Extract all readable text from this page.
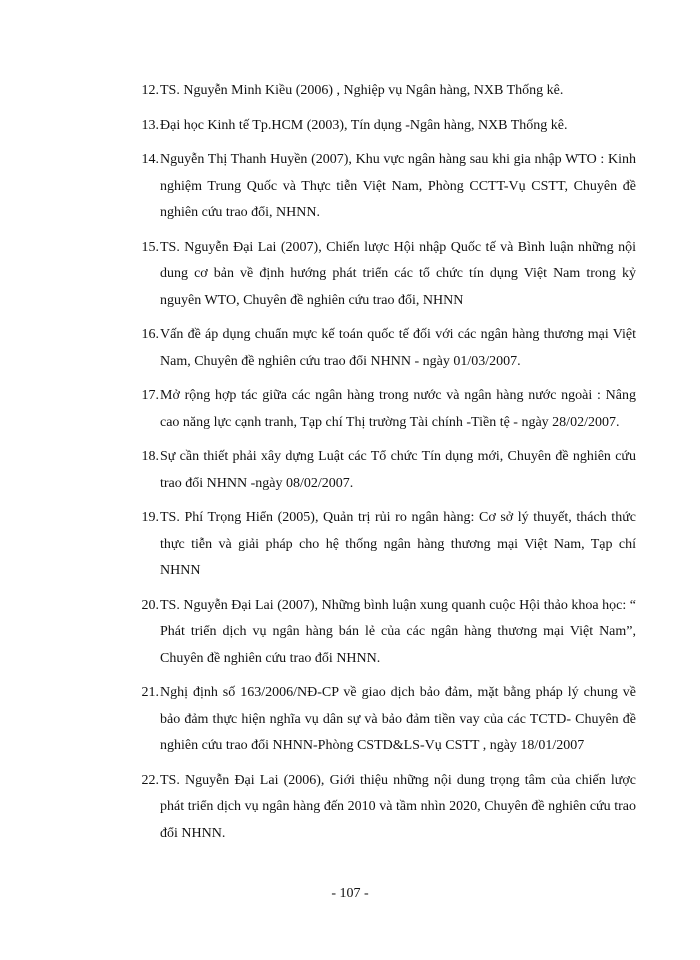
12. TS. Nguyễn Minh Kiều (2006) , Nghiệp vụ Ngân hàng, NXB Thống kê.
13. Đại học Kinh tế Tp.HCM (2003), Tín dụng -Ngân hàng, NXB Thống kê.
14. Nguyễn Thị Thanh Huyền (2007), Khu vực ngân hàng sau khi gia nhập WTO : Kinh nghiệm Trung Quốc và Thực tiễn Việt Nam, Phòng CCTT-Vụ CSTT, Chuyên đề nghiên cứu trao đổi, NHNN.
15. TS. Nguyễn Đại Lai (2007), Chiến lược Hội nhập Quốc tế và Bình luận những nội dung cơ bản về định hướng phát triển các tổ chức tín dụng Việt Nam trong kỷ nguyên WTO, Chuyên đề nghiên cứu trao đổi, NHNN
16. Vấn đề áp dụng chuẩn mực kế toán quốc tế đối với các ngân hàng thương mại Việt Nam, Chuyên đề nghiên cứu trao đổi NHNN - ngày 01/03/2007.
17. Mở rộng hợp tác giữa các ngân hàng trong nước và ngân hàng nước ngoài : Nâng cao năng lực cạnh tranh, Tạp chí Thị trường Tài chính -Tiền tệ - ngày 28/02/2007.
18. Sự cần thiết phải xây dựng Luật các Tổ chức Tín dụng mới, Chuyên đề nghiên cứu trao đổi NHNN -ngày 08/02/2007.
19. TS. Phí Trọng Hiển (2005), Quản trị rủi ro ngân hàng: Cơ sở lý thuyết, thách thức thực tiễn và giải pháp cho hệ thống ngân hàng thương mại Việt Nam, Tạp chí NHNN
20. TS. Nguyễn Đại Lai (2007), Những bình luận xung quanh cuộc Hội thảo khoa học: “ Phát triển dịch vụ ngân hàng bán lẻ của các ngân hàng thương mại Việt Nam”, Chuyên đề nghiên cứu trao đổi NHNN.
21. Nghị định số 163/2006/NĐ-CP về giao dịch bảo đảm, mặt bằng pháp lý chung về bảo đảm thực hiện nghĩa vụ dân sự và bảo đảm tiền vay của các TCTD- Chuyên đề nghiên cứu trao đổi NHNN-Phòng CSTD&LS-Vụ CSTT , ngày 18/01/2007
22. TS. Nguyễn Đại Lai (2006), Giới thiệu những nội dung trọng tâm của chiến lược phát triển dịch vụ ngân hàng đến 2010 và tầm nhìn 2020, Chuyên đề nghiên cứu trao đổi NHNN.
- 107 -
